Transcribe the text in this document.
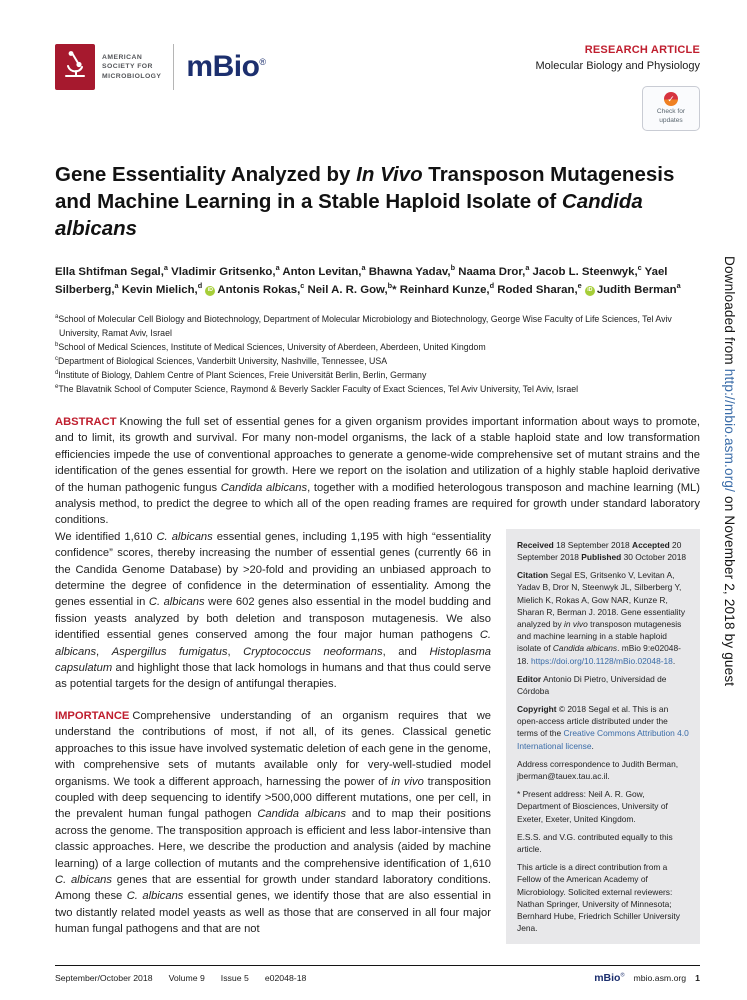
AMERICAN
SOCIETY FOR
MICROBIOLOGY mBio®
RESEARCH ARTICLE
Molecular Biology and Physiology
✓
Check for
updates
Gene Essentiality Analyzed by In Vivo Transposon Mutagenesis and Machine Learning in a Stable Haploid Isolate of Candida albicans

Ella Shtifman Segal,$^a$ Vladimir Gritsenko,$^a$ Anton Levitan,$^a$ Bhawna Yadav,$^b$ Naama Dror,$^a$ Jacob L. Steenwyk,$^c$ Yael Silberberg,$^a$ Kevin Mielich,$^d$ iD Antonis Rokas,$^c$ Neil A. R. Gow,$^b$* Reinhard Kunze,$^d$ Roded Sharan,$^e$ iD Judith Berman$^a$

$^a$School of Molecular Cell Biology and Biotechnology, Department of Molecular Microbiology and Biotechnology, George Wise Faculty of Life Sciences, Tel Aviv University, Ramat Aviv, Israel

$^b$School of Medical Sciences, Institute of Medical Sciences, University of Aberdeen, Aberdeen, United Kingdom

$^c$Department of Biological Sciences, Vanderbilt University, Nashville, Tennessee, USA

$^d$Institute of Biology, Dahlem Centre of Plant Sciences, Freie Universität Berlin, Berlin, Germany

$^e$The Blavatnik School of Computer Science, Raymond & Beverly Sackler Faculty of Exact Sciences, Tel Aviv University, Tel Aviv, Israel

ABSTRACT Knowing the full set of essential genes for a given organism provides important information about ways to promote, and to limit, its growth and survival. For many non-model organisms, the lack of a stable haploid state and low transformation efficiencies impede the use of conventional approaches to generate a genome-wide comprehensive set of mutant strains and the identification of the genes essential for growth. Here we report on the isolation and utilization of a highly stable haploid derivative of the human pathogenic fungus Candida albicans, together with a modified heterologous transposon and machine learning (ML) analysis method, to predict the degree to which all of the open reading frames are required for growth under standard laboratory conditions.

We identified 1,610 C. albicans essential genes, including 1,195 with high “essentiality confidence” scores, thereby increasing the number of essential genes (currently 66 in the Candida Genome Database) by >20-fold and providing an unbiased approach to determine the degree of confidence in the determination of essentiality. Among the genes essential in C. albicans were 602 genes also essential in the model budding and fission yeasts analyzed by both deletion and transposon mutagenesis. We also identified essential genes conserved among the four major human pathogens C. albicans, Aspergillus fumigatus, Cryptococcus neoformans, and Histoplasma capsulatum and highlight those that lack homologs in humans and that thus could serve as potential targets for the design of antifungal therapies.

IMPORTANCE Comprehensive understanding of an organism requires that we understand the contributions of most, if not all, of its genes. Classical genetic approaches to this issue have involved systematic deletion of each gene in the genome, with comprehensive sets of mutants available only for very-well-studied model organisms. We took a different approach, harnessing the power of in vivo transposition coupled with deep sequencing to identify >500,000 different mutations, one per cell, in the prevalent human fungal pathogen Candida albicans and to map their positions across the genome. The transposition approach is efficient and less labor-intensive than classic approaches. Here, we describe the production and analysis (aided by machine learning) of a large collection of mutants and the comprehensive identification of 1,610 C. albicans genes that are essential for growth under standard laboratory conditions. Among these C. albicans essential genes, we identify those that are also essential in two distantly related model yeasts as well as those that are conserved in all four major human fungal pathogens and that are not

Received 18 September 2018 Accepted 20 September 2018 Published 30 October 2018

Citation Segal ES, Gritsenko V, Levitan A, Yadav B, Dror N, Steenwyk JL, Silberberg Y, Mielich K, Rokas A, Gow NAR, Kunze R, Sharan R, Berman J. 2018. Gene essentiality analyzed by in vivo transposon mutagenesis and machine learning in a stable haploid isolate of Candida albicans. mBio 9:e02048-18. https://doi.org/10.1128/mBio.02048-18.

Editor Antonio Di Pietro, Universidad de Córdoba

Copyright © 2018 Segal et al. This is an open-access article distributed under the terms of the Creative Commons Attribution 4.0 International license.

Address correspondence to Judith Berman, jberman@tauex.tau.ac.il.

* Present address: Neil A. R. Gow, Department of Biosciences, University of Exeter, Exeter, United Kingdom.

E.S.S. and V.G. contributed equally to this article.

This article is a direct contribution from a Fellow of the American Academy of Microbiology. Solicited external reviewers: Nathan Springer, University of Minnesota; Bernhard Hube, Friedrich Schiller University Jena.

Downloaded from http://mbio.asm.org/ on November 2, 2018 by guest
September/October 2018 Volume 9 Issue 5 e02048-18	mBio® mbio.asm.org 1
